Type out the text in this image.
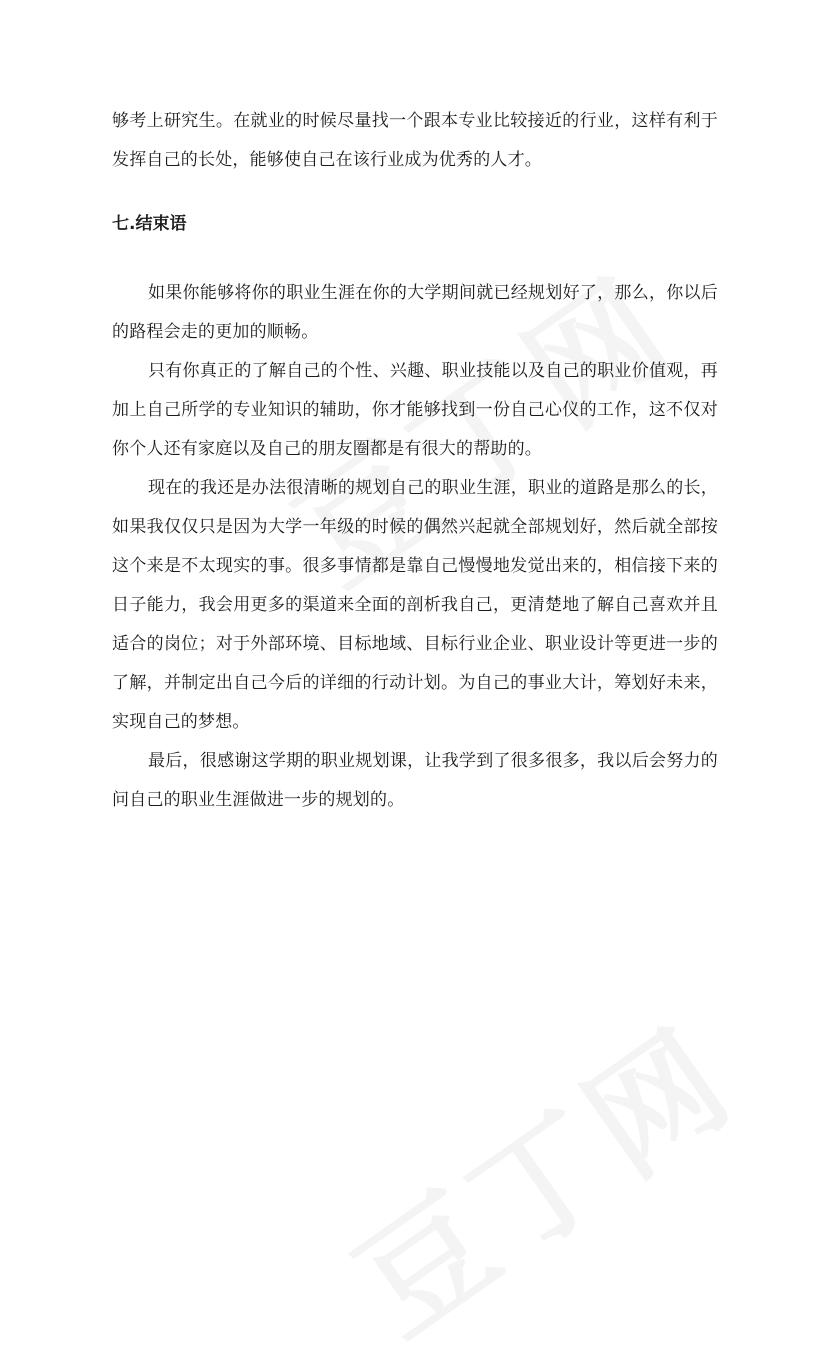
够考上研究生。在就业的时候尽量找一个跟本专业比较接近的行业，这样有利于
发挥自己的长处，能够使自己在该行业成为优秀的人才。
七.结束语
如果你能够将你的职业生涯在你的大学期间就已经规划好了，那么，你以后
的路程会走的更加的顺畅。
只有你真正的了解自己的个性、兴趣、职业技能以及自己的职业价值观，再
加上自己所学的专业知识的辅助，你才能够找到一份自己心仪的工作，这不仅对
你个人还有家庭以及自己的朋友圈都是有很大的帮助的。
现在的我还是办法很清晰的规划自己的职业生涯，职业的道路是那么的长，
如果我仅仅只是因为大学一年级的时候的偶然兴起就全部规划好，然后就全部按
这个来是不太现实的事。很多事情都是靠自己慢慢地发觉出来的，相信接下来的
日子能力，我会用更多的渠道来全面的剖析我自己，更清楚地了解自己喜欢并且
适合的岗位；对于外部环境、目标地域、目标行业企业、职业设计等更进一步的
了解，并制定出自己今后的详细的行动计划。为自己的事业大计，筹划好未来，
实现自己的梦想。
最后，很感谢这学期的职业规划课，让我学到了很多很多，我以后会努力的
问自己的职业生涯做进一步的规划的。
